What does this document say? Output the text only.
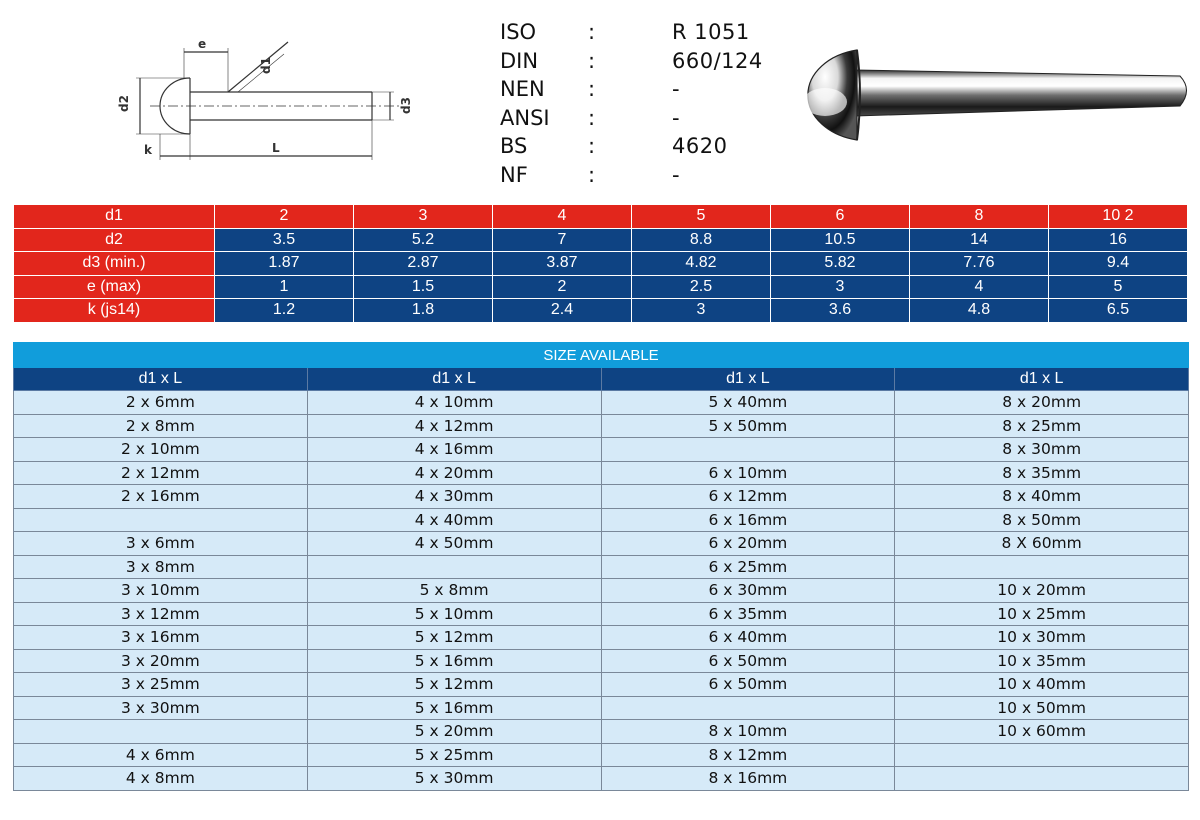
e
d1
d2	d3
k	L
ISO	:	R 1051
DIN	:	660/124
NEN	:	-
ANSI	:	-
BS	:	4620
NF	:	-
d1	2	3	4	5	6	8	10 2
d2	3.5	5.2	7	8.8	10.5	14	16
d3 (min.)	1.87	2.87	3.87	4.82	5.82	7.76	9.4
e (max)	1	1.5	2	2.5	3	4	5
k (js14)	1.2	1.8	2.4	3	3.6	4.8	6.5
SIZE AVAILABLE			
d1 x L	d1 x L	d1 x L	d1 x L
2 x 6mm	4 x 10mm	5 x 40mm	8 x 20mm
2 x 8mm	4 x 12mm	5 x 50mm	8 x 25mm
2 x 10mm	4 x 16mm		8 x 30mm
2 x 12mm	4 x 20mm	6 x 10mm	8 x 35mm
2 x 16mm	4 x 30mm	6 x 12mm	8 x 40mm
	4 x 40mm	6 x 16mm	8 x 50mm
3 x 6mm	4 x 50mm	6 x 20mm	8 X 60mm
3 x 8mm		6 x 25mm	
3 x 10mm	5 x 8mm	6 x 30mm	10 x 20mm
3 x 12mm	5 x 10mm	6 x 35mm	10 x 25mm
3 x 16mm	5 x 12mm	6 x 40mm	10 x 30mm
3 x 20mm	5 x 16mm	6 x 50mm	10 x 35mm
3 x 25mm	5 x 12mm	6 x 50mm	10 x 40mm
3 x 30mm	5 x 16mm		10 x 50mm
	5 x 20mm	8 x 10mm	10 x 60mm
4 x 6mm	5 x 25mm	8 x 12mm	
4 x 8mm	5 x 30mm	8 x 16mm	
